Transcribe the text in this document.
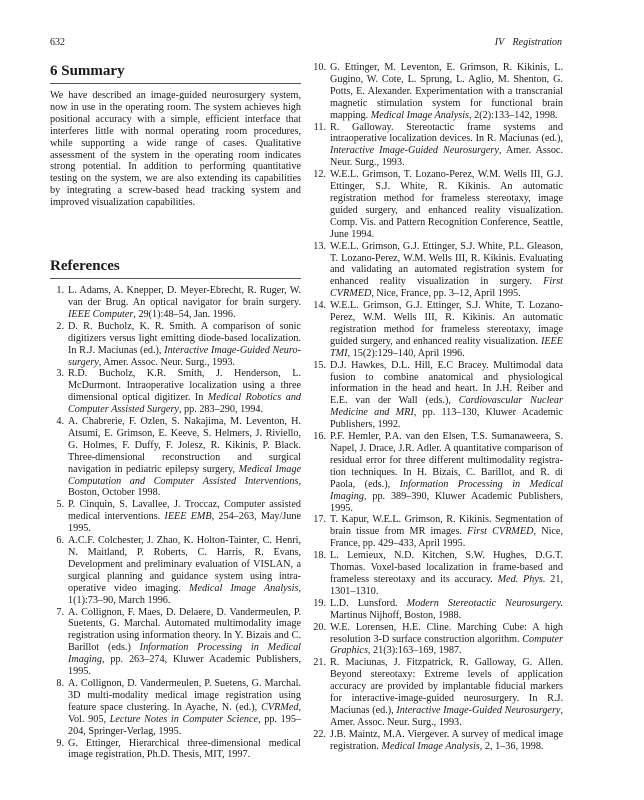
632	IV Registration
6 Summary

We have described an image-guided neurosurgery system, now in use in the operating room. The system achieves high positional accuracy with a simple, efficient interface that interferes little with normal operating room procedures, while supporting a wide range of cases. Qualitative assessment of the system in the operating room indicates strong potential. In addition to performing quantitative testing on the system, we are also extending its capabilities by integrating a screw-based head tracking system and improved visualization capabilities.

References
1. L. Adams, A. Knepper, D. Meyer-Ebrecht, R. Ruger, W. van der Brug. An optical navigator for brain surgery. IEEE Computer, 29(1):48–54, Jan. 1996.
2. D. R. Bucholz, K. R. Smith. A comparison of sonic digitizers versus light emitting diode-based localization. In R.J. Maciunas (ed.), Interactive Image-Guided Neurosurgery, Amer. Assoc. Neur. Surg., 1993.
3. R.D. Bucholz, K.R. Smith, J. Henderson, L. McDurmont. Intraoperative localization using a three dimensional optical digitizer. In Medical Robotics and Computer Assisted Surgery, pp. 283–290, 1994.
4. A. Chabrerie, F. Ozlen, S. Nakajima, M. Leventon, H. Atsumi, E. Grimson, E. Keeve, S. Helmers, J. Riviello, G. Holmes, F. Duffy, F. Jolesz, R. Kikinis, P. Black. Three-dimensional reconstruction and surgical navigation in pediatric epilepsy surgery, Medical Image Computation and Computer Assisted Interventions, Boston, October 1998.
5. P. Cinquin, S. Lavallee, J. Troccaz, Computer assisted medical interventions. IEEE EMB, 254–263, May/June 1995.
6. A.C.F. Colchester, J. Zhao, K. Holton-Tainter, C. Henri, N. Maitland, P. Roberts, C. Harris, R. Evans, Development and preliminary evaluation of VISLAN, a surgical planning and guidance system using intra-operative video imaging. Medical Image Analysis, 1(1):73–90, March 1996.
7. A. Collignon, F. Maes, D. Delaere, D. Vandermeulen, P. Suetents, G. Marchal. Automated multimodality image registration using information theory. In Y. Bizais and C. Barillot (eds.) Information Processing in Medical Imaging, pp. 263–274, Kluwer Academic Publishers, 1995.
8. A. Collignon, D. Vandermeulen, P. Suetens, G. Marchal. 3D multi-modality medical image registration using feature space clustering. In Ayache, N. (ed.), CVRMed, Vol. 905, Lecture Notes in Computer Science, pp. 195–204, Springer-Verlag, 1995.
9. G. Ettinger, Hierarchical three-dimensional medical image registration, Ph.D. Thesis, MIT, 1997.
10. G. Ettinger, M. Leventon, E. Grimson, R. Kikinis, L. Gugino, W. Cote, L. Sprung, L. Aglio, M. Shenton, G. Potts, E. Alexander. Experimentation with a transcranial magnetic stimulation system for functional brain mapping. Medical Image Analysis, 2(2):133–142, 1998.
11. R. Galloway. Stereotactic frame systems and intraoperative localization devices. In R. Maciunas (ed.), Interactive Image-Guided Neurosurgery, Amer. Assoc. Neur. Surg., 1993.
12. W.E.L. Grimson, T. Lozano-Perez, W.M. Wells III, G.J. Ettinger, S.J. White, R. Kikinis. An automatic registration method for frameless stereotaxy, image guided surgery, and enhanced reality visualization. Comp. Vis. and Pattern Recognition Conference, Seattle, June 1994.
13. W.E.L. Grimson, G.J. Ettinger, S.J. White, P.L. Gleason, T. Lozano-Perez, W.M. Wells III, R. Kikinis. Evaluating and validating an automated registration system for enhanced reality visualization in surgery. First CVRMED, Nice, France, pp. 3–12, April 1995.
14. W.E.L. Grimson, G.J. Ettinger, S.J. White, T. Lozano-Perez, W.M. Wells III, R. Kikinis. An automatic registration method for frameless stereotaxy, image guided surgery, and enhanced reality visualization. IEEE TMI, 15(2):129–140, April 1996.
15. D.J. Hawkes, D.L. Hill, E.C Bracey. Multimodal data fusion to combine anatomical and physiological information in the head and heart. In J.H. Reiber and E.E. van der Wall (eds.), Cardiovascular Nuclear Medicine and MRI, pp. 113–130, Kluwer Academic Publishers, 1992.
16. P.F. Hemler, P.A. van den Elsen, T.S. Sumanaweera, S. Napel, J. Drace, J.R. Adler. A quantitative comparison of residual error for three different multimodality registration techniques. In H. Bizais, C. Barillot, and R. di Paola, (eds.), Information Processing in Medical Imaging, pp. 389–390, Kluwer Academic Publishers, 1995.
17. T. Kapur, W.E.L. Grimson, R. Kikinis. Segmentation of brain tissue from MR images. First CVRMED, Nice, France, pp. 429–433, April 1995.
18. L. Lemieux, N.D. Kitchen, S.W. Hughes, D.G.T. Thomas. Voxel-based localization in frame-based and frameless stereotaxy and its accuracy. Med. Phys. 21, 1301–1310.
19. L.D. Lunsford. Modern Stereotactic Neurosurgery. Martinus Nijhoff, Boston, 1988.
20. W.E. Lorensen, H.E. Cline. Marching Cube: A high resolution 3-D surface construction algorithm. Computer Graphics, 21(3):163–169, 1987.
21. R. Maciunas, J. Fitzpatrick, R. Galloway, G. Allen. Beyond stereotaxy: Extreme levels of application accuracy are provided by implantable fiducial markers for interactive-image-guided neurosurgery. In R.J. Maciunas (ed.), Interactive Image-Guided Neurosurgery, Amer. Assoc. Neur. Surg., 1993.
22. J.B. Maintz, M.A. Viergever. A survey of medical image registration. Medical Image Analysis, 2, 1–36, 1998.
